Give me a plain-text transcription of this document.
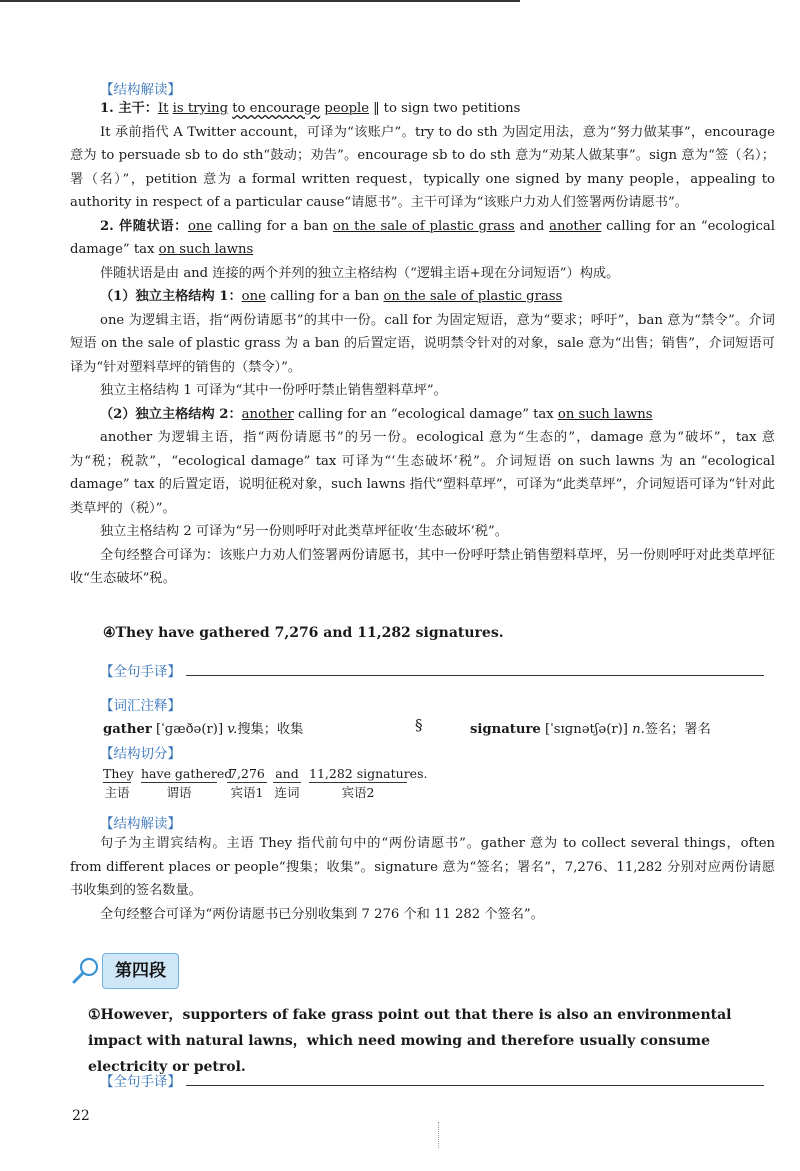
【结构解读】

1. 主干：It is trying to encourage people ‖ to sign two petitions

It 承前指代 A Twitter account，可译为“该账户”。try to do sth 为固定用法，意为“努力做某事”，encourage 意为 to persuade sb to do sth“鼓动；劝告”。encourage sb to do sth 意为“劝某人做某事”。sign 意为“签（名）；署（名）”，petition 意为 a formal written request，typically one signed by many people，appealing to authority in respect of a particular cause“请愿书”。主干可译为“该账户力劝人们签署两份请愿书”。

2. 伴随状语：one calling for a ban on the sale of plastic grass and another calling for an “ecological damage” tax on such lawns

伴随状语是由 and 连接的两个并列的独立主格结构（“逻辑主语+现在分词短语”）构成。

（1）独立主格结构 1：one calling for a ban on the sale of plastic grass

one 为逻辑主语，指“两份请愿书”的其中一份。call for 为固定短语，意为“要求；呼吁”，ban 意为“禁令”。介词短语 on the sale of plastic grass 为 a ban 的后置定语，说明禁令针对的对象，sale 意为“出售；销售”，介词短语可译为“针对塑料草坪的销售的（禁令）”。

独立主格结构 1 可译为“其中一份呼吁禁止销售塑料草坪”。

（2）独立主格结构 2：another calling for an “ecological damage” tax on such lawns

another 为逻辑主语，指“两份请愿书”的另一份。ecological 意为“生态的”，damage 意为“破坏”，tax 意为“税；税款”，“ecological damage” tax 可译为“‘生态破坏’税”。介词短语 on such lawns 为 an “ecological damage” tax 的后置定语，说明征税对象，such lawns 指代“塑料草坪”，可译为“此类草坪”，介词短语可译为“针对此类草坪的（税）”。

独立主格结构 2 可译为“另一份则呼吁对此类草坪征收‘生态破坏’税”。

全句经整合可译为：该账户力劝人们签署两份请愿书，其中一份呼吁禁止销售塑料草坪，另一份则呼吁对此类草坪征收“生态破坏”税。

④They have gathered 7,276 and 11,282 signatures.
【全句手译】
【词汇注释】
gather [ˈɡæðə(r)] v.搜集；收集	§	signature [ˈsɪɡnətʃə(r)] n.签名；署名
【结构切分】
They
主语
have gathered
谓语
7,276
宾语1
and
连词
11,282 signatures.
宾语2
【结构解读】

句子为主谓宾结构。主语 They 指代前句中的“两份请愿书”。gather 意为 to collect several things，often from different places or people“搜集；收集”。signature 意为“签名；署名”，7,276、11,282 分别对应两份请愿书收集到的签名数量。

全句经整合可译为“两份请愿书已分别收集到 7 276 个和 11 282 个签名”。

第四段
①However，supporters of fake grass point out that there is also an environmental impact with natural lawns，which need mowing and therefore usually consume electricity or petrol.
【全句手译】
22
